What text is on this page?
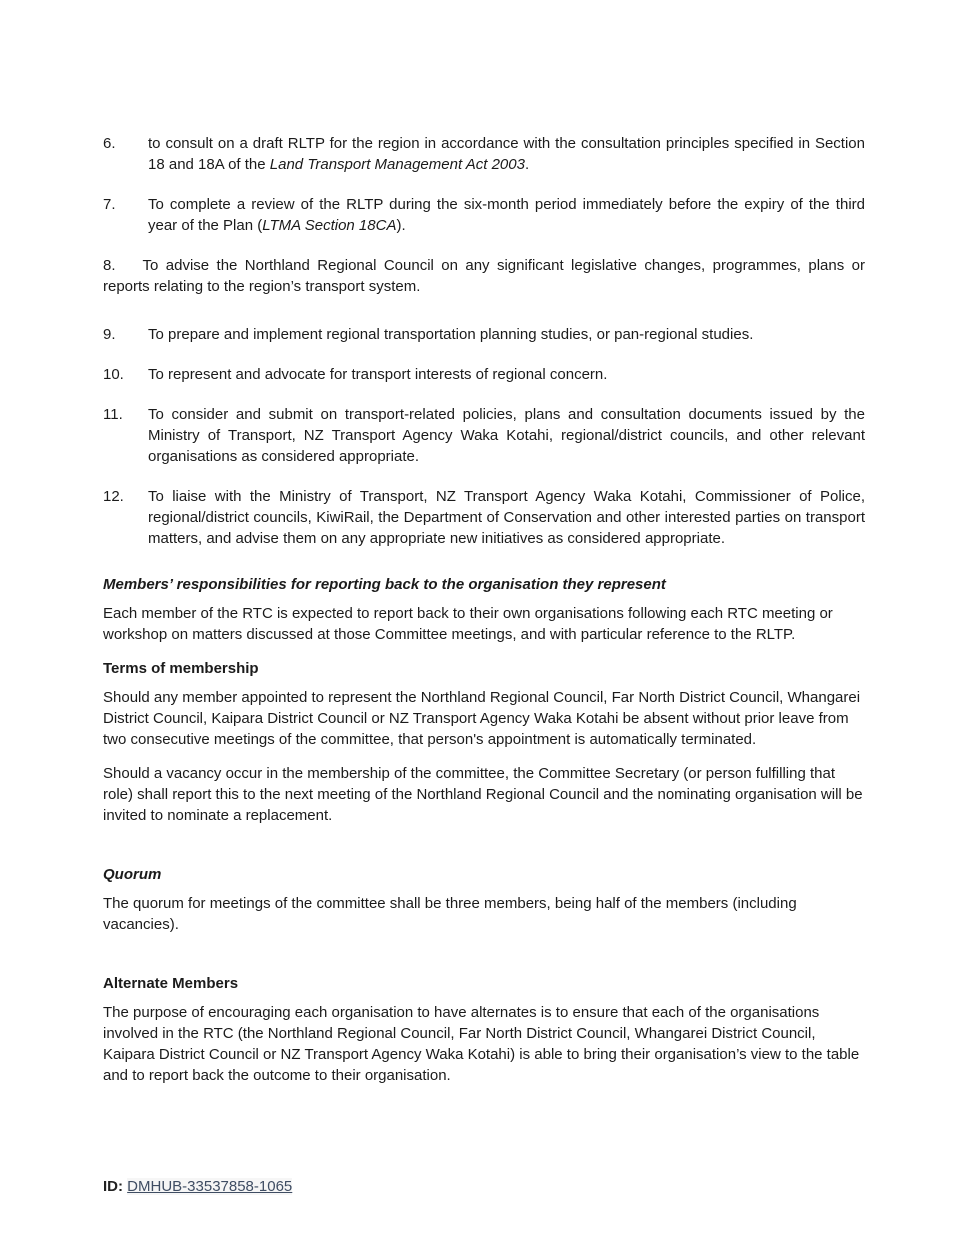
6. to consult on a draft RLTP for the region in accordance with the consultation principles specified in Section 18 and 18A of the Land Transport Management Act 2003.
7. To complete a review of the RLTP during the six-month period immediately before the expiry of the third year of the Plan (LTMA Section 18CA).
8. To advise the Northland Regional Council on any significant legislative changes, programmes, plans or reports relating to the region’s transport system.
9. To prepare and implement regional transportation planning studies, or pan-regional studies.
10. To represent and advocate for transport interests of regional concern.
11. To consider and submit on transport-related policies, plans and consultation documents issued by the Ministry of Transport, NZ Transport Agency Waka Kotahi, regional/district councils, and other relevant organisations as considered appropriate.
12. To liaise with the Ministry of Transport, NZ Transport Agency Waka Kotahi, Commissioner of Police, regional/district councils, KiwiRail, the Department of Conservation and other interested parties on transport matters, and advise them on any appropriate new initiatives as considered appropriate.
Members’ responsibilities for reporting back to the organisation they represent
Each member of the RTC is expected to report back to their own organisations following each RTC meeting or workshop on matters discussed at those Committee meetings, and with particular reference to the RLTP.
Terms of membership
Should any member appointed to represent the Northland Regional Council, Far North District Council, Whangarei District Council, Kaipara District Council or NZ Transport Agency Waka Kotahi be absent without prior leave from two consecutive meetings of the committee, that person's appointment is automatically terminated.
Should a vacancy occur in the membership of the committee, the Committee Secretary (or person fulfilling that role) shall report this to the next meeting of the Northland Regional Council and the nominating organisation will be invited to nominate a replacement.
Quorum
The quorum for meetings of the committee shall be three members, being half of the members (including vacancies).
Alternate Members
The purpose of encouraging each organisation to have alternates is to ensure that each of the organisations involved in the RTC (the Northland Regional Council, Far North District Council, Whangarei District Council, Kaipara District Council or NZ Transport Agency Waka Kotahi) is able to bring their organisation’s view to the table and to report back the outcome to their organisation.
ID: DMHUB-33537858-1065
